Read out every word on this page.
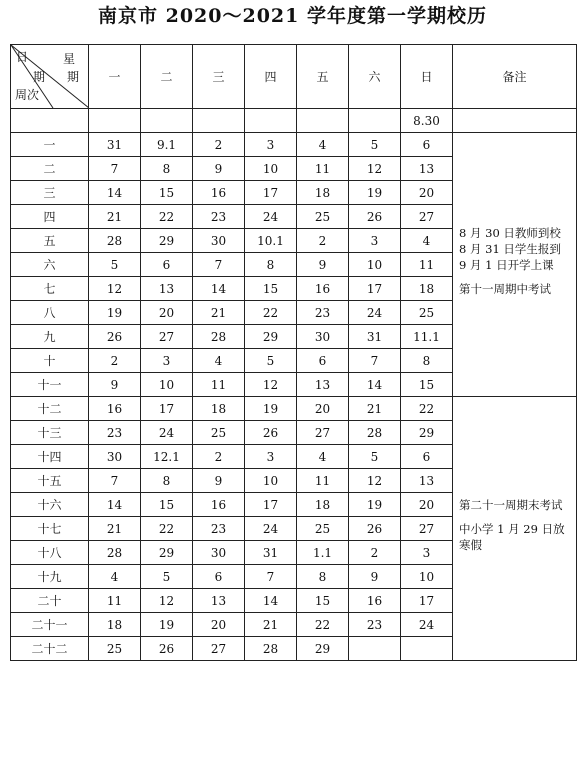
南京市 2020～2021 学年度第一学期校历
日 星
期 期
周次	一	二	三	四	五	六	日	备注
							8.30	
一	31	9.1	2	3	4	5	6	8 月 30 日教师到校

8 月 31 日学生报到

9 月 1 日开学上课

第十一周期中考试

二	7	8	9	10	11	12	13	
三	14	15	16	17	18	19	20	
四	21	22	23	24	25	26	27	
五	28	29	30	10.1	2	3	4	
六	5	6	7	8	9	10	11	
七	12	13	14	15	16	17	18	
八	19	20	21	22	23	24	25	
九	26	27	28	29	30	31	11.1	
十	2	3	4	5	6	7	8	
十一	9	10	11	12	13	14	15	
十二	16	17	18	19	20	21	22	第二十一周期末考试

中小学 1 月 29 日放寒假

十三	23	24	25	26	27	28	29	
十四	30	12.1	2	3	4	5	6	
十五	7	8	9	10	11	12	13	
十六	14	15	16	17	18	19	20	
十七	21	22	23	24	25	26	27	
十八	28	29	30	31	1.1	2	3	
十九	4	5	6	7	8	9	10	
二十	11	12	13	14	15	16	17	
二十一	18	19	20	21	22	23	24	
二十二	25	26	27	28	29			
